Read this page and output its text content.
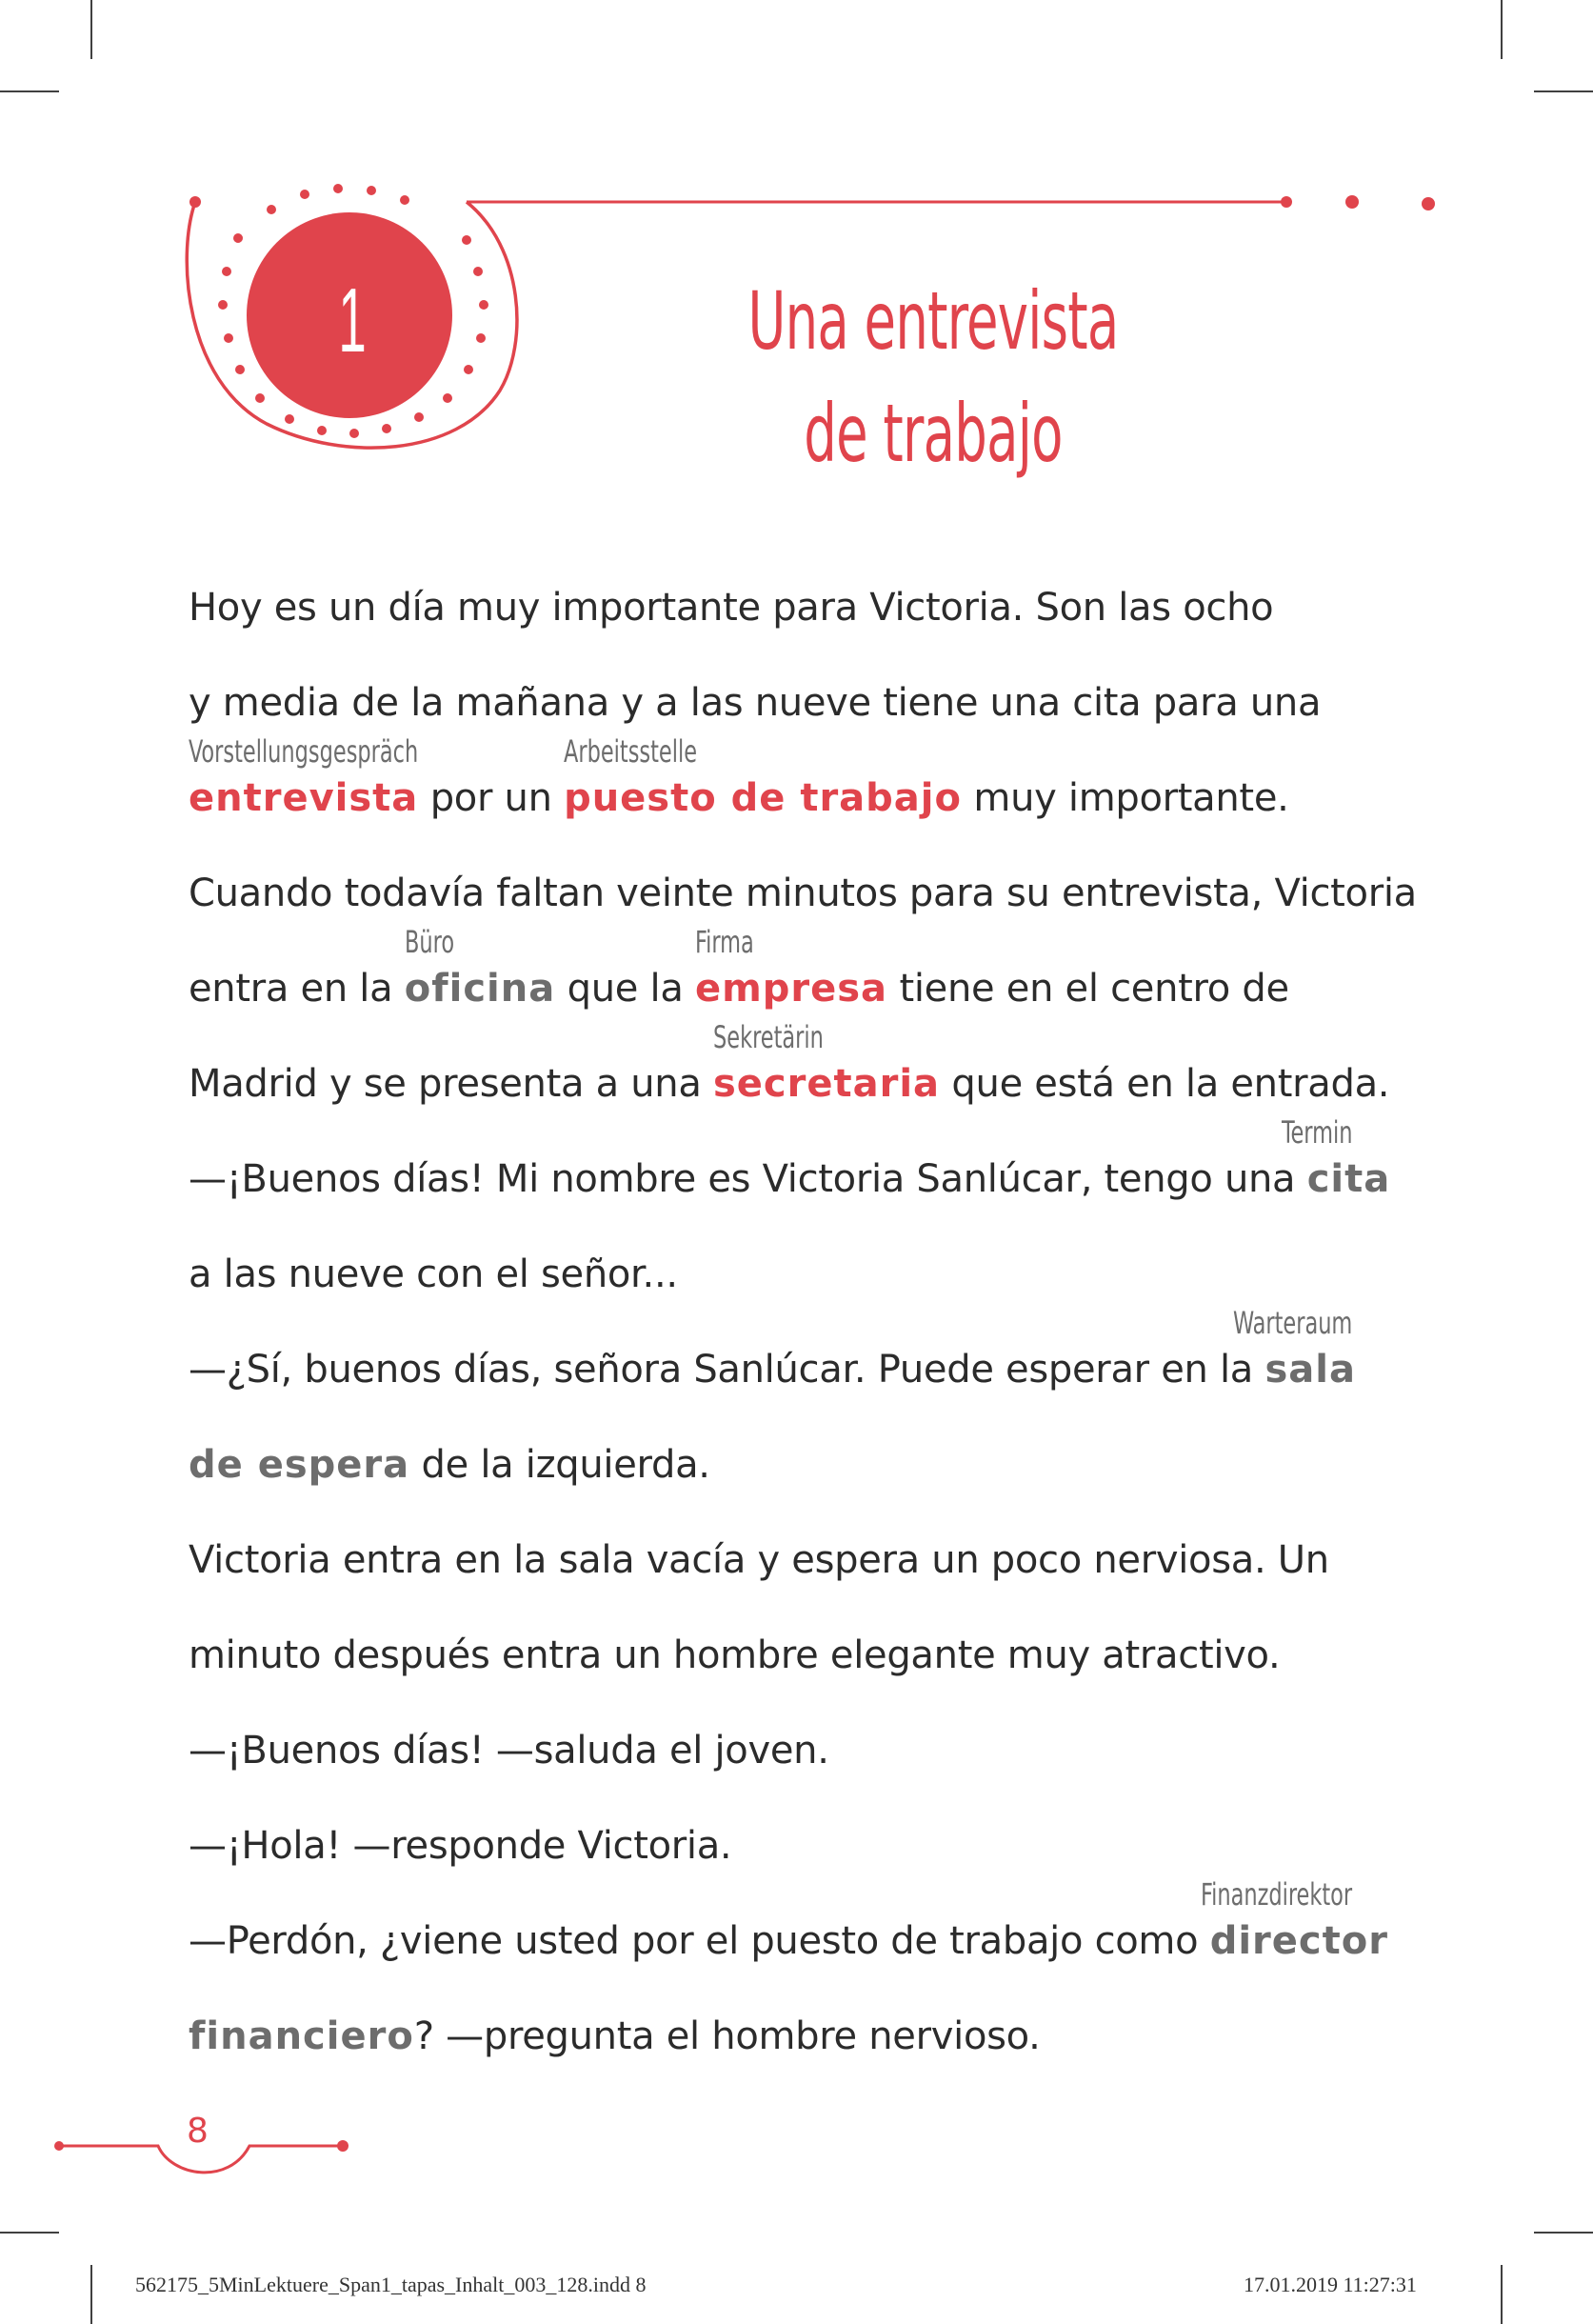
1	Una entrevista
de trabajo
Hoy es un día muy importante para Victoria. Son las ocho
y media de la mañana y a las nueve tiene una cita para una
entrevista por un puesto de trabajo muy importante.
Cuando todavía faltan veinte minutos para su entrevista, Victoria
entra en la oficina que la empresa tiene en el centro de
Madrid y se presenta a una secretaria que está en la entrada.
—¡Buenos días! Mi nombre es Victoria Sanlúcar, tengo una cita
a las nueve con el señor...
—¿Sí, buenos días, señora Sanlúcar. Puede esperar en la sala
de espera de la izquierda.
Victoria entra en la sala vacía y espera un poco nerviosa. Un
minuto después entra un hombre elegante muy atractivo.
—¡Buenos días! —saluda el joven.
—¡Hola! —responde Victoria.
—Perdón, ¿viene usted por el puesto de trabajo como director
financiero? —pregunta el hombre nervioso.
8
562175_5MinLektuere_Span1_tapas_Inhalt_003_128.indd 8	17.01.2019 11:27:31
Vorstellungsgespräch	Arbeitsstelle
Büro	Firma
Sekretärin
Termin
Warteraum
Finanzdirektor
